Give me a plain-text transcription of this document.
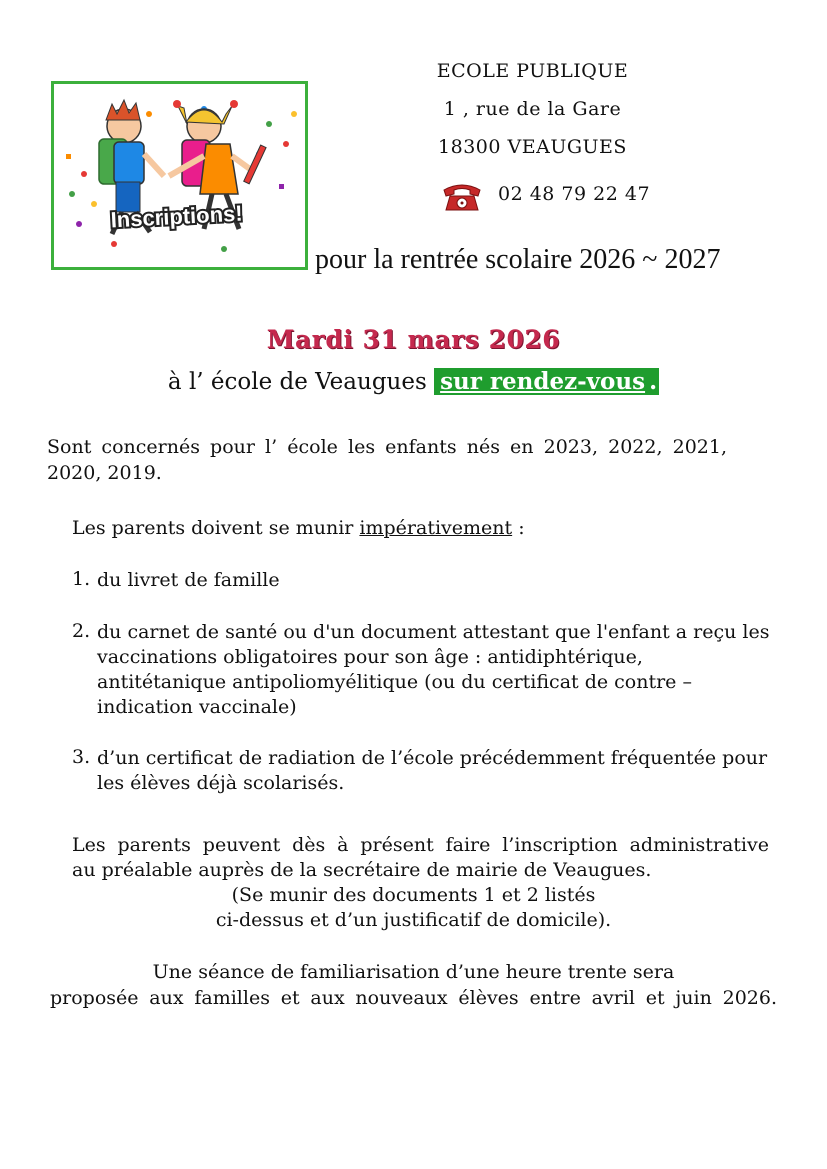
Inscriptions!
ECOLE PUBLIQUE
1 , rue de la Gare
18300 VEAUGUES
02 48 79 22 47
pour la rentrée scolaire 2026 ~ 2027
Mardi 31 mars 2026
à l’ école de Veaugues sur rendez-vous .
Sont concernés pour l’ école les enfants nés en 2023, 2022, 2021,
2020, 2019.
Les parents doivent se munir impérativement :
1. du livret de famille
2. du carnet de santé ou d'un document attestant que l'enfant a reçu les
vaccinations obligatoires pour son âge : antidiphtérique,
antitétanique antipoliomyélitique (ou du certificat de contre –
indication vaccinale)
3. d’un certificat de radiation de l’école précédemment fréquentée pour
les élèves déjà scolarisés.
Les parents peuvent dès à présent faire l’inscription administrative
au préalable auprès de la secrétaire de mairie de Veaugues.
(Se munir des documents 1 et 2 listés
ci-dessus et d’un justificatif de domicile).
Une séance de familiarisation d’une heure trente sera
proposée aux familles et aux nouveaux élèves entre avril et juin 2026.
